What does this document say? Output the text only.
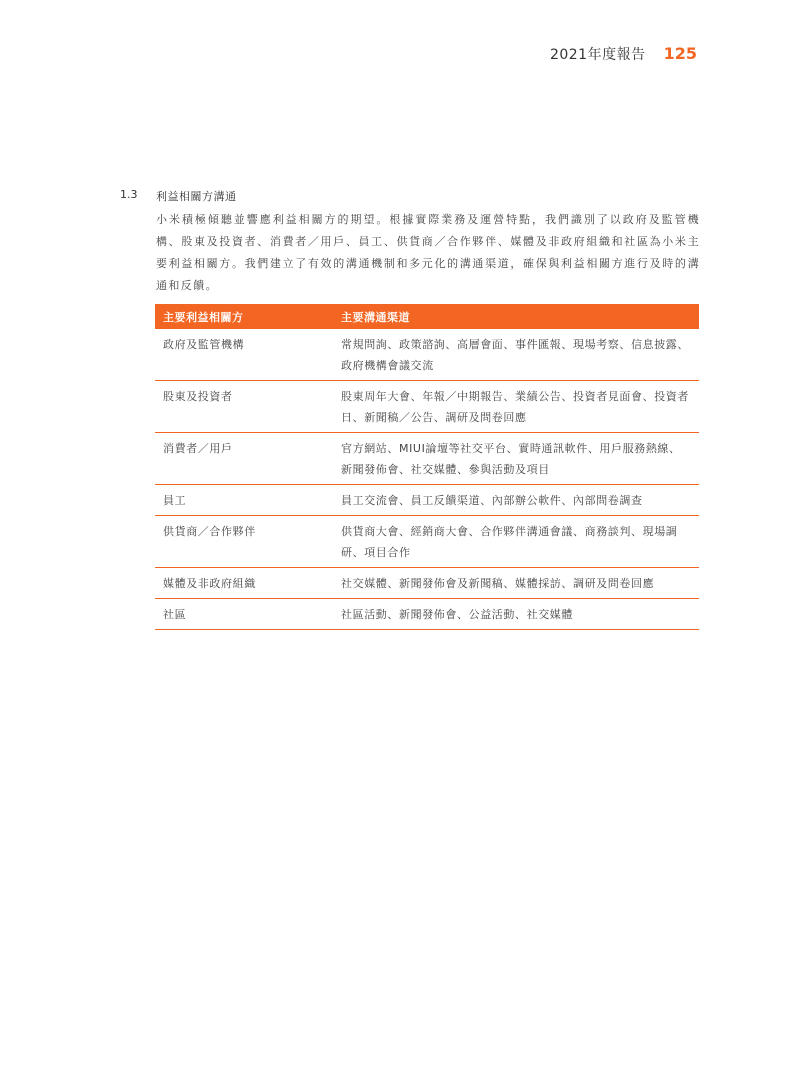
2021年度報告 125
1.3	利益相關方溝通

小米積極傾聽並響應利益相關方的期望。根據實際業務及運營特點，我們識別了以政府及監管機構、股東及投資者、消費者／用戶、員工、供貨商／合作夥伴、媒體及非政府組織和社區為小米主要利益相關方。我們建立了有效的溝通機制和多元化的溝通渠道，確保與利益相關方進行及時的溝通和反饋。

主要利益相關方	主要溝通渠道
政府及監管機構	常規問詢、政策諮詢、高層會面、事件匯報、現場考察、信息披露、政府機構會議交流
股東及投資者	股東周年大會、年報／中期報告、業績公告、投資者見面會、投資者日、新聞稿／公告、調研及問卷回應
消費者／用戶	官方網站、MIUI論壇等社交平台、實時通訊軟件、用戶服務熱線、新聞發佈會、社交媒體、參與活動及項目
員工	員工交流會、員工反饋渠道、內部辦公軟件、內部問卷調查
供貨商／合作夥伴	供貨商大會、經銷商大會、合作夥伴溝通會議、商務談判、現場調研、項目合作
媒體及非政府組織	社交媒體、新聞發佈會及新聞稿、媒體採訪、調研及問卷回應
社區	社區活動、新聞發佈會、公益活動、社交媒體
